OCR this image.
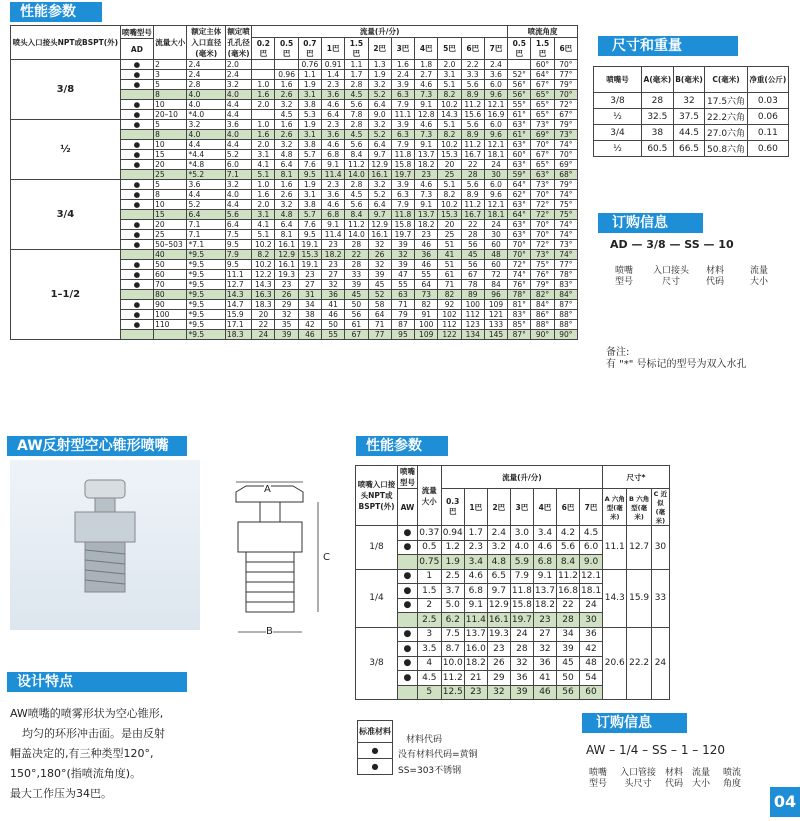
性能参数
喷头入口接头NPT或BSPT(外)	喷嘴型号	流量大小	额定主体入口直径(毫米)	额定喷孔孔径(毫米)	流量(升/分)											喷流角度		
					0.2巴	0.5巴	0.7巴	1巴	1.5巴	2巴	3巴	4巴	5巴	6巴	7巴	0.5巴	1.5巴	6巴
	AD																	
3/8	●	2	2.4	2.0			0.76	0.91	1.1	1.3	1.6	1.8	2.0	2.2	2.4		60°	70°
	●	3	2.4	2.4		0.96	1.1	1.4	1.7	1.9	2.4	2.7	3.1	3.3	3.6	52°	64°	77°
	●	5	2.8	3.2	1.0	1.6	1.9	2.3	2.8	3.2	3.9	4.6	5.1	5.6	6.0	56°	67°	79°
		8	4.0	4.0	1.6	2.6	3.1	3.6	4.5	5.2	6.3	7.3	8.2	8.9	9.6	56°	65°	70°
	●	10	4.0	4.4	2.0	3.2	3.8	4.6	5.6	6.4	7.9	9.1	10.2	11.2	12.1	55°	65°	72°
	●	20–10	*4.0	4.4		4.5	5.3	6.4	7.8	9.0	11.1	12.8	14.3	15.6	16.9	61°	65°	67°
½	●	5	3.2	3.6	1.0	1.6	1.9	2.3	2.8	3.2	3.9	4.6	5.1	5.6	6.0	63°	73°	79°
		8	4.0	4.0	1.6	2.6	3.1	3.6	4.5	5.2	6.3	7.3	8.2	8.9	9.6	61°	69°	73°
	●	10	4.4	4.4	2.0	3.2	3.8	4.6	5.6	6.4	7.9	9.1	10.2	11.2	12.1	63°	70°	74°
	●	15	*4.4	5.2	3.1	4.8	5.7	6.8	8.4	9.7	11.8	13.7	15.3	16.7	18.1	60°	67°	70°
	●	20	*4.8	6.0	4.1	6.4	7.6	9.1	11.2	12.9	15.8	18.2	20	22	24	63°	65°	69°
		25	*5.2	7.1	5.1	8.1	9.5	11.4	14.0	16.1	19.7	23	25	28	30	59°	63°	68°
3/4	●	5	3.6	3.2	1.0	1.6	1.9	2.3	2.8	3.2	3.9	4.6	5.1	5.6	6.0	64°	73°	79°
	●	8	4.4	4.0	1.6	2.6	3.1	3.6	4.5	5.2	6.3	7.3	8.2	8.9	9.6	62°	70°	74°
	●	10	5.2	4.4	2.0	3.2	3.8	4.6	5.6	6.4	7.9	9.1	10.2	11.2	12.1	63°	72°	75°
		15	6.4	5.6	3.1	4.8	5.7	6.8	8.4	9.7	11.8	13.7	15.3	16.7	18.1	64°	72°	75°
	●	20	7.1	6.4	4.1	6.4	7.6	9.1	11.2	12.9	15.8	18.2	20	22	24	63°	70°	74°
	●	25	7.1	7.5	5.1	8.1	9.5	11.4	14.0	16.1	19.7	23	25	28	30	63°	70°	74°
	●	50–503	*7.1	9.5	10.2	16.1	19.1	23	28	32	39	46	51	56	60	70°	72°	73°
1–1/2		40	*9.5	7.9	8.2	12.9	15.3	18.2	22	26	32	36	41	45	48	70°	73°	74°
	●	50	*9.5	9.5	10.2	16.1	19.1	23	28	32	39	46	51	56	60	72°	75°	77°
	●	60	*9.5	11.1	12.2	19.3	23	27	33	39	47	55	61	67	72	74°	76°	78°
	●	70	*9.5	12.7	14.3	23	27	32	39	45	55	64	71	78	84	76°	79°	83°
		80	*9.5	14.3	16.3	26	31	36	45	52	63	73	82	89	96	78°	82°	84°
	●	90	*9.5	14.7	18.3	29	34	41	50	58	71	82	92	100	109	81°	84°	87°
	●	100	*9.5	15.9	20	32	38	46	56	64	79	91	102	112	121	83°	86°	88°
	●	110	*9.5	17.1	22	35	42	50	61	71	87	100	112	123	133	85°	88°	88°
			*9.5	18.3	24	39	46	55	67	77	95	109	122	134	145	87°	90°	90°
尺寸和重量
喷嘴号	A(毫米)	B(毫米)	C(毫米)	净重(公斤)
3/8	28	32	17.5六角	0.03
½	32.5	37.5	22.2六角	0.06
3/4	38	44.5	27.0六角	0.11
½	60.5	66.5	50.8六角	0.60
订购信息
AD — 3/8 — SS — 10
喷嘴型号
入口接头尺寸
材料代码
流量大小
备注:
有 "*" 号标记的型号为双入水孔
AW反射型空心锥形喷嘴
A
B
C
性能参数
喷嘴入口接头NPT或BSPT(外)	喷嘴型号	流量大小	流量(升/分)							尺寸*		
	AW		0.3巴	1巴	2巴	3巴	4巴	6巴	7巴	A 六角型(毫米)	B 六角型(毫米)	C 近似(毫米)
1/8	●	0.37	0.94	1.7	2.4	3.0	3.4	4.2	4.5	11.1	12.7	30
	●	0.5	1.2	2.3	3.2	4.0	4.6	5.6	6.0			
		0.75	1.9	3.4	4.8	5.9	6.8	8.4	9.0			
1/4	●	1	2.5	4.6	6.5	7.9	9.1	11.2	12.1	14.3	15.9	33
	●	1.5	3.7	6.8	9.7	11.8	13.7	16.8	18.1			
	●	2	5.0	9.1	12.9	15.8	18.2	22	24			
		2.5	6.2	11.4	16.1	19.7	23	28	30			
3/8	●	3	7.5	13.7	19.3	24	27	34	36	20.6	22.2	24
	●	3.5	8.7	16.0	23	28	32	39	42			
	●	4	10.0	18.2	26	32	36	45	48			
	●	4.5	11.2	21	29	36	41	50	54			
		5	12.5	23	32	39	46	56	60			
设计特点
AW喷嘴的喷雾形状为空心锥形,
均匀的环形冲击面。是由反射
帽盖决定的,有三种类型120°,
150°,180°(指喷流角度)。
最大工作压为34巴。
标准材料
●
●
材料代码
没有材料代码=黄铜
SS=303不锈钢
订购信息
AW – 1/4 – SS – 1 – 120
喷嘴型号
入口管接头尺寸
材料代码
流量大小
喷流角度
04
